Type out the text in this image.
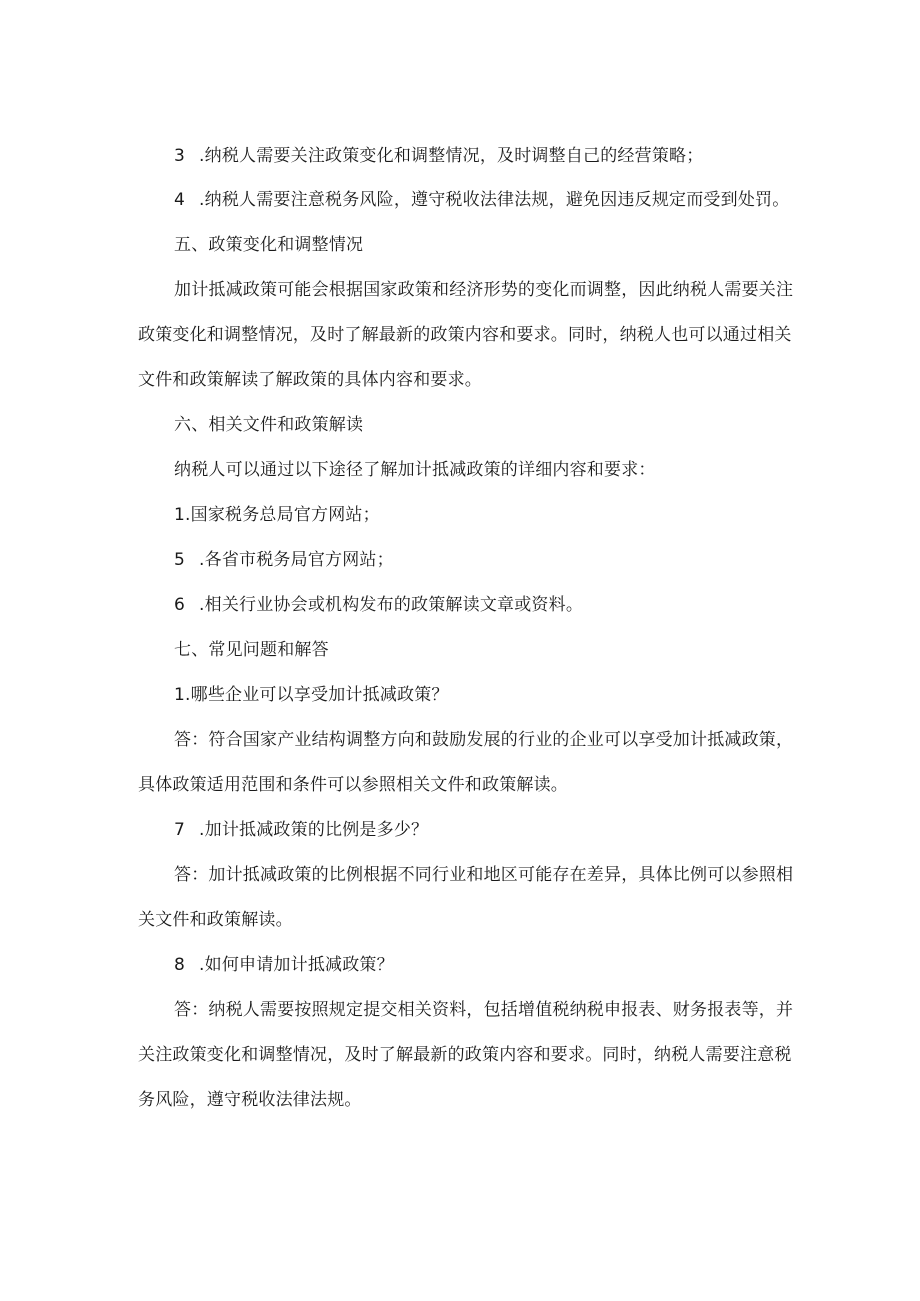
3 .纳税人需要关注政策变化和调整情况，及时调整自己的经营策略；
4 .纳税人需要注意税务风险，遵守税收法律法规，避免因违反规定而受到处罚。
五、政策变化和调整情况
加计抵减政策可能会根据国家政策和经济形势的变化而调整，因此纳税人需要关注
政策变化和调整情况，及时了解最新的政策内容和要求。同时，纳税人也可以通过相关
文件和政策解读了解政策的具体内容和要求。
六、相关文件和政策解读
纳税人可以通过以下途径了解加计抵减政策的详细内容和要求：
1.国家税务总局官方网站；
5 .各省市税务局官方网站；
6 .相关行业协会或机构发布的政策解读文章或资料。
七、常见问题和解答
1.哪些企业可以享受加计抵减政策？
答：符合国家产业结构调整方向和鼓励发展的行业的企业可以享受加计抵减政策，
具体政策适用范围和条件可以参照相关文件和政策解读。
7 .加计抵减政策的比例是多少？
答：加计抵减政策的比例根据不同行业和地区可能存在差异，具体比例可以参照相
关文件和政策解读。
8 .如何申请加计抵减政策？
答：纳税人需要按照规定提交相关资料，包括增值税纳税申报表、财务报表等，并
关注政策变化和调整情况，及时了解最新的政策内容和要求。同时，纳税人需要注意税
务风险，遵守税收法律法规。
